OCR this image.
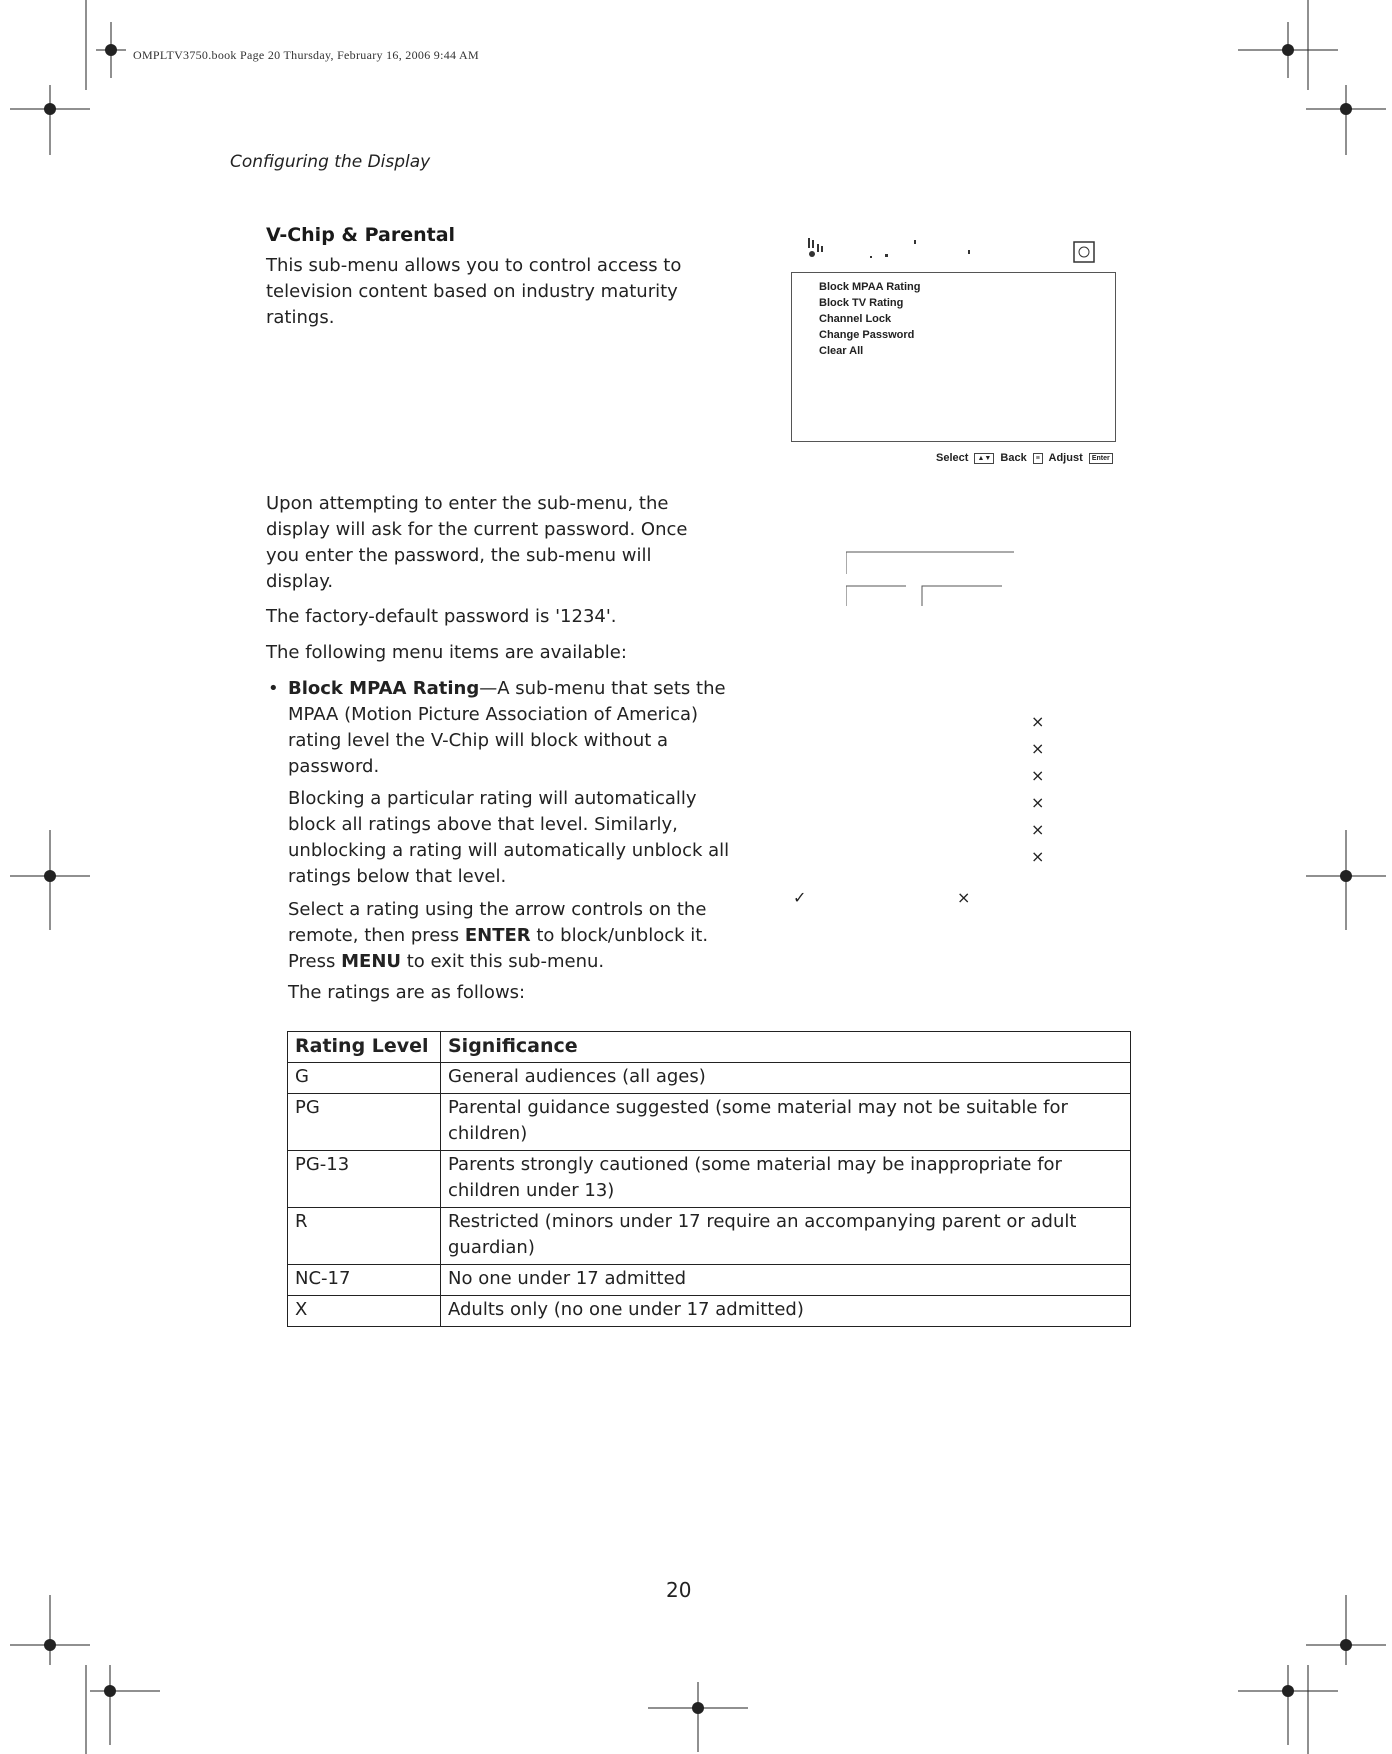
OMPLTV3750.book Page 20 Thursday, February 16, 2006 9:44 AM
Configuring the Display
V-Chip & Parental
This sub-menu allows you to control access to television content based on industry maturity ratings.
Block MPAA Rating
Block TV Rating
Channel Lock
Change Password
Clear All
Select ▲▼ Back ≡ Adjust Enter
×
×
×
×
×
×
✓	×
Upon attempting to enter the sub-menu, the display will ask for the current password. Once you enter the password, the sub-menu will display.
The factory-default password is '1234'.
The following menu items are available:
• Block MPAA Rating—A sub-menu that sets the MPAA (Motion Picture Association of America) rating level the V-Chip will block without a password.
Blocking a particular rating will automatically block all ratings above that level. Similarly, unblocking a rating will automatically unblock all ratings below that level.
Select a rating using the arrow controls on the remote, then press ENTER to block/unblock it. Press MENU to exit this sub-menu.
The ratings are as follows:
Rating Level	Significance
G	General audiences (all ages)
PG	Parental guidance suggested (some material may not be suitable for children)
PG-13	Parents strongly cautioned (some material may be inappropriate for children under 13)
R	Restricted (minors under 17 require an accompanying parent or adult guardian)
NC-17	No one under 17 admitted
X	Adults only (no one under 17 admitted)
20
